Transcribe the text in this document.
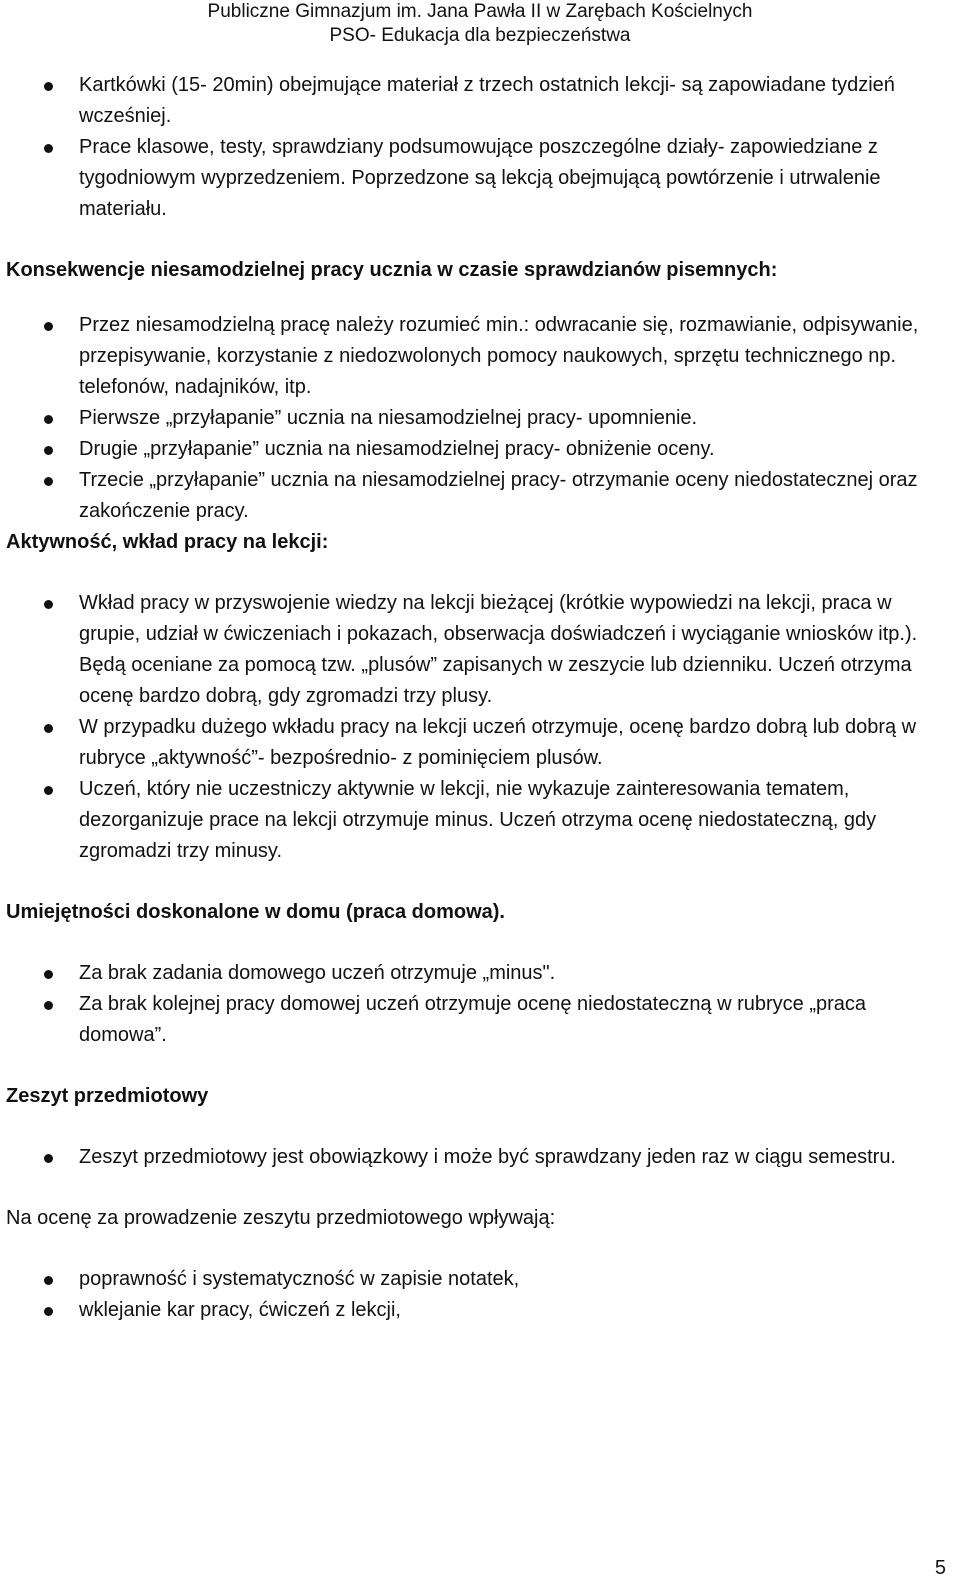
Publiczne Gimnazjum im. Jana Pawła II w Zarębach Kościelnych
PSO- Edukacja dla bezpieczeństwa
Kartkówki (15- 20min) obejmujące materiał z trzech ostatnich lekcji- są zapowiadane tydzień wcześniej.
Prace klasowe, testy, sprawdziany podsumowujące poszczególne działy- zapowiedziane z tygodniowym wyprzedzeniem. Poprzedzone są lekcją obejmującą powtórzenie i utrwalenie materiału.

Konsekwencje niesamodzielnej pracy ucznia w czasie sprawdzianów pisemnych:

Przez niesamodzielną pracę należy rozumieć min.: odwracanie się, rozmawianie, odpisywanie, przepisywanie, korzystanie z niedozwolonych pomocy naukowych, sprzętu technicznego np. telefonów, nadajników, itp.
Pierwsze „przyłapanie” ucznia na niesamodzielnej pracy- upomnienie.
Drugie „przyłapanie” ucznia na niesamodzielnej pracy- obniżenie oceny.
Trzecie „przyłapanie” ucznia na niesamodzielnej pracy- otrzymanie oceny niedostatecznej oraz zakończenie pracy.

Aktywność, wkład pracy na lekcji:

Wkład pracy w przyswojenie wiedzy na lekcji bieżącej (krótkie wypowiedzi na lekcji, praca w grupie, udział w ćwiczeniach i pokazach, obserwacja doświadczeń i wyciąganie wniosków itp.). Będą oceniane za pomocą tzw. „plusów” zapisanych w zeszycie lub dzienniku. Uczeń otrzyma ocenę bardzo dobrą, gdy zgromadzi trzy plusy.
W przypadku dużego wkładu pracy na lekcji uczeń otrzymuje, ocenę bardzo dobrą lub dobrą w rubryce „aktywność”- bezpośrednio- z pominięciem plusów.
Uczeń, który nie uczestniczy aktywnie w lekcji, nie wykazuje zainteresowania tematem, dezorganizuje prace na lekcji otrzymuje minus. Uczeń otrzyma ocenę niedostateczną, gdy zgromadzi trzy minusy.

Umiejętności doskonalone w domu (praca domowa).

Za brak zadania domowego uczeń otrzymuje „minus".
Za brak kolejnej pracy domowej uczeń otrzymuje ocenę niedostateczną w rubryce „praca domowa”.

Zeszyt przedmiotowy

Zeszyt przedmiotowy jest obowiązkowy i może być sprawdzany jeden raz w ciągu semestru.

Na ocenę za prowadzenie zeszytu przedmiotowego wpływają:

poprawność i systematyczność w zapisie notatek,
wklejanie kar pracy, ćwiczeń z lekcji,
5
